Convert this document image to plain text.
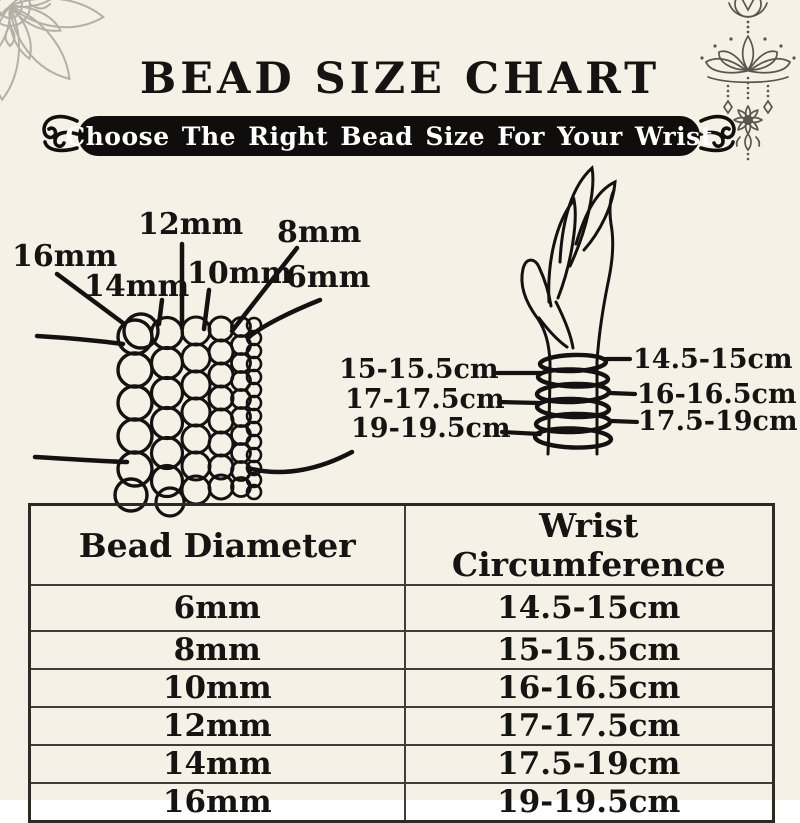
BEAD SIZE CHART
Choose The Right Bead Size For Your Wrist
16mm
14mm
12mm
10mm
8mm
6mm
15-15.5cm
17-17.5cm
19-19.5cm
14.5-15cm
16-16.5cm
17.5-19cm
Bead Diameter	Wrist Circumference
6mm	14.5-15cm
8mm	15-15.5cm
10mm	16-16.5cm
12mm	17-17.5cm
14mm	17.5-19cm
16mm	19-19.5cm
